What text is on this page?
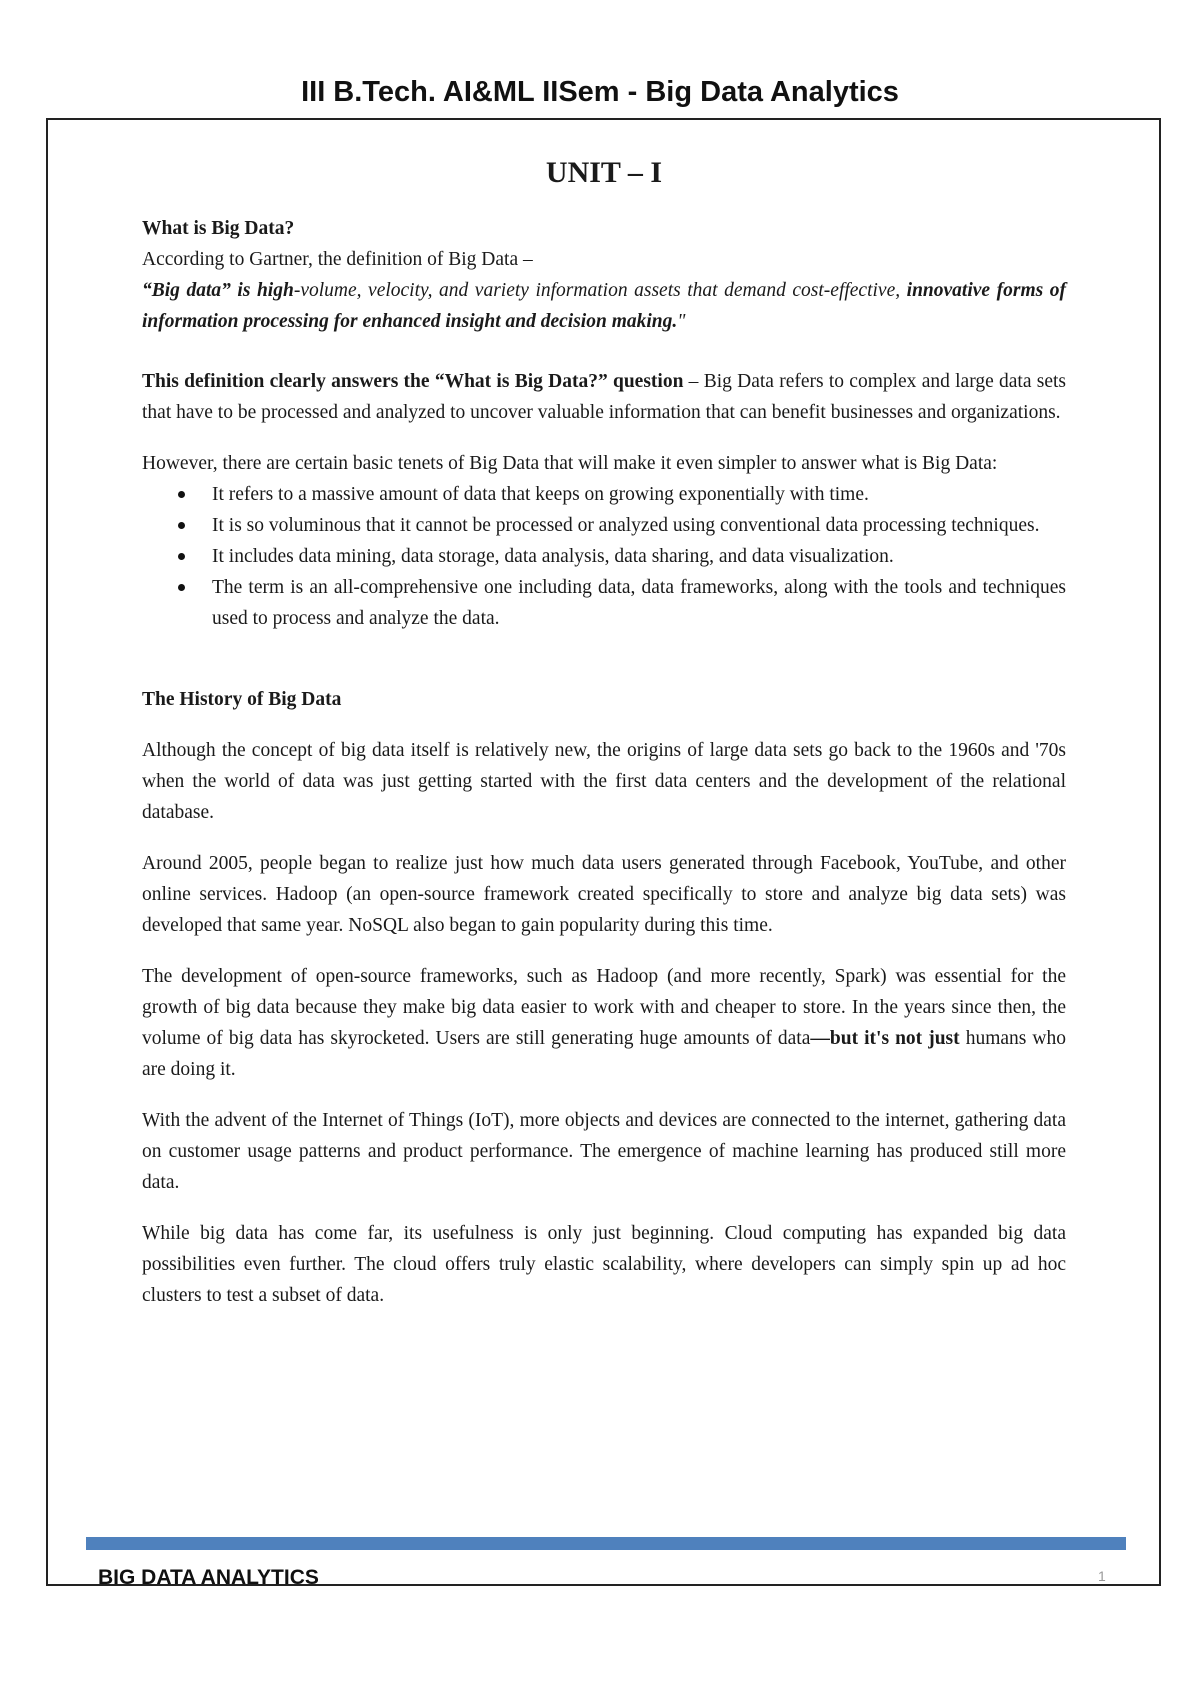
III B.Tech. AI&ML IISem - Big Data Analytics
UNIT – I
What is Big Data?

According to Gartner, the definition of Big Data –

“Big data” is high-volume, velocity, and variety information assets that demand cost-effective, innovative forms of information processing for enhanced insight and decision making."

This definition clearly answers the “What is Big Data?” question – Big Data refers to complex and large data sets that have to be processed and analyzed to uncover valuable information that can benefit businesses and organizations.

However, there are certain basic tenets of Big Data that will make it even simpler to answer what is Big Data:

It refers to a massive amount of data that keeps on growing exponentially with time.
It is so voluminous that it cannot be processed or analyzed using conventional data processing techniques.
It includes data mining, data storage, data analysis, data sharing, and data visualization.
The term is an all-comprehensive one including data, data frameworks, along with the tools and techniques used to process and analyze the data.
The History of Big Data

Although the concept of big data itself is relatively new, the origins of large data sets go back to the 1960s and '70s when the world of data was just getting started with the first data centers and the development of the relational database.

Around 2005, people began to realize just how much data users generated through Facebook, YouTube, and other online services. Hadoop (an open-source framework created specifically to store and analyze big data sets) was developed that same year. NoSQL also began to gain popularity during this time.

The development of open-source frameworks, such as Hadoop (and more recently, Spark) was essential for the growth of big data because they make big data easier to work with and cheaper to store. In the years since then, the volume of big data has skyrocketed. Users are still generating huge amounts of data—but it's not just humans who are doing it.

With the advent of the Internet of Things (IoT), more objects and devices are connected to the internet, gathering data on customer usage patterns and product performance. The emergence of machine learning has produced still more data.

While big data has come far, its usefulness is only just beginning. Cloud computing has expanded big data possibilities even further. The cloud offers truly elastic scalability, where developers can simply spin up ad hoc clusters to test a subset of data.

BIG DATA ANALYTICS	1
